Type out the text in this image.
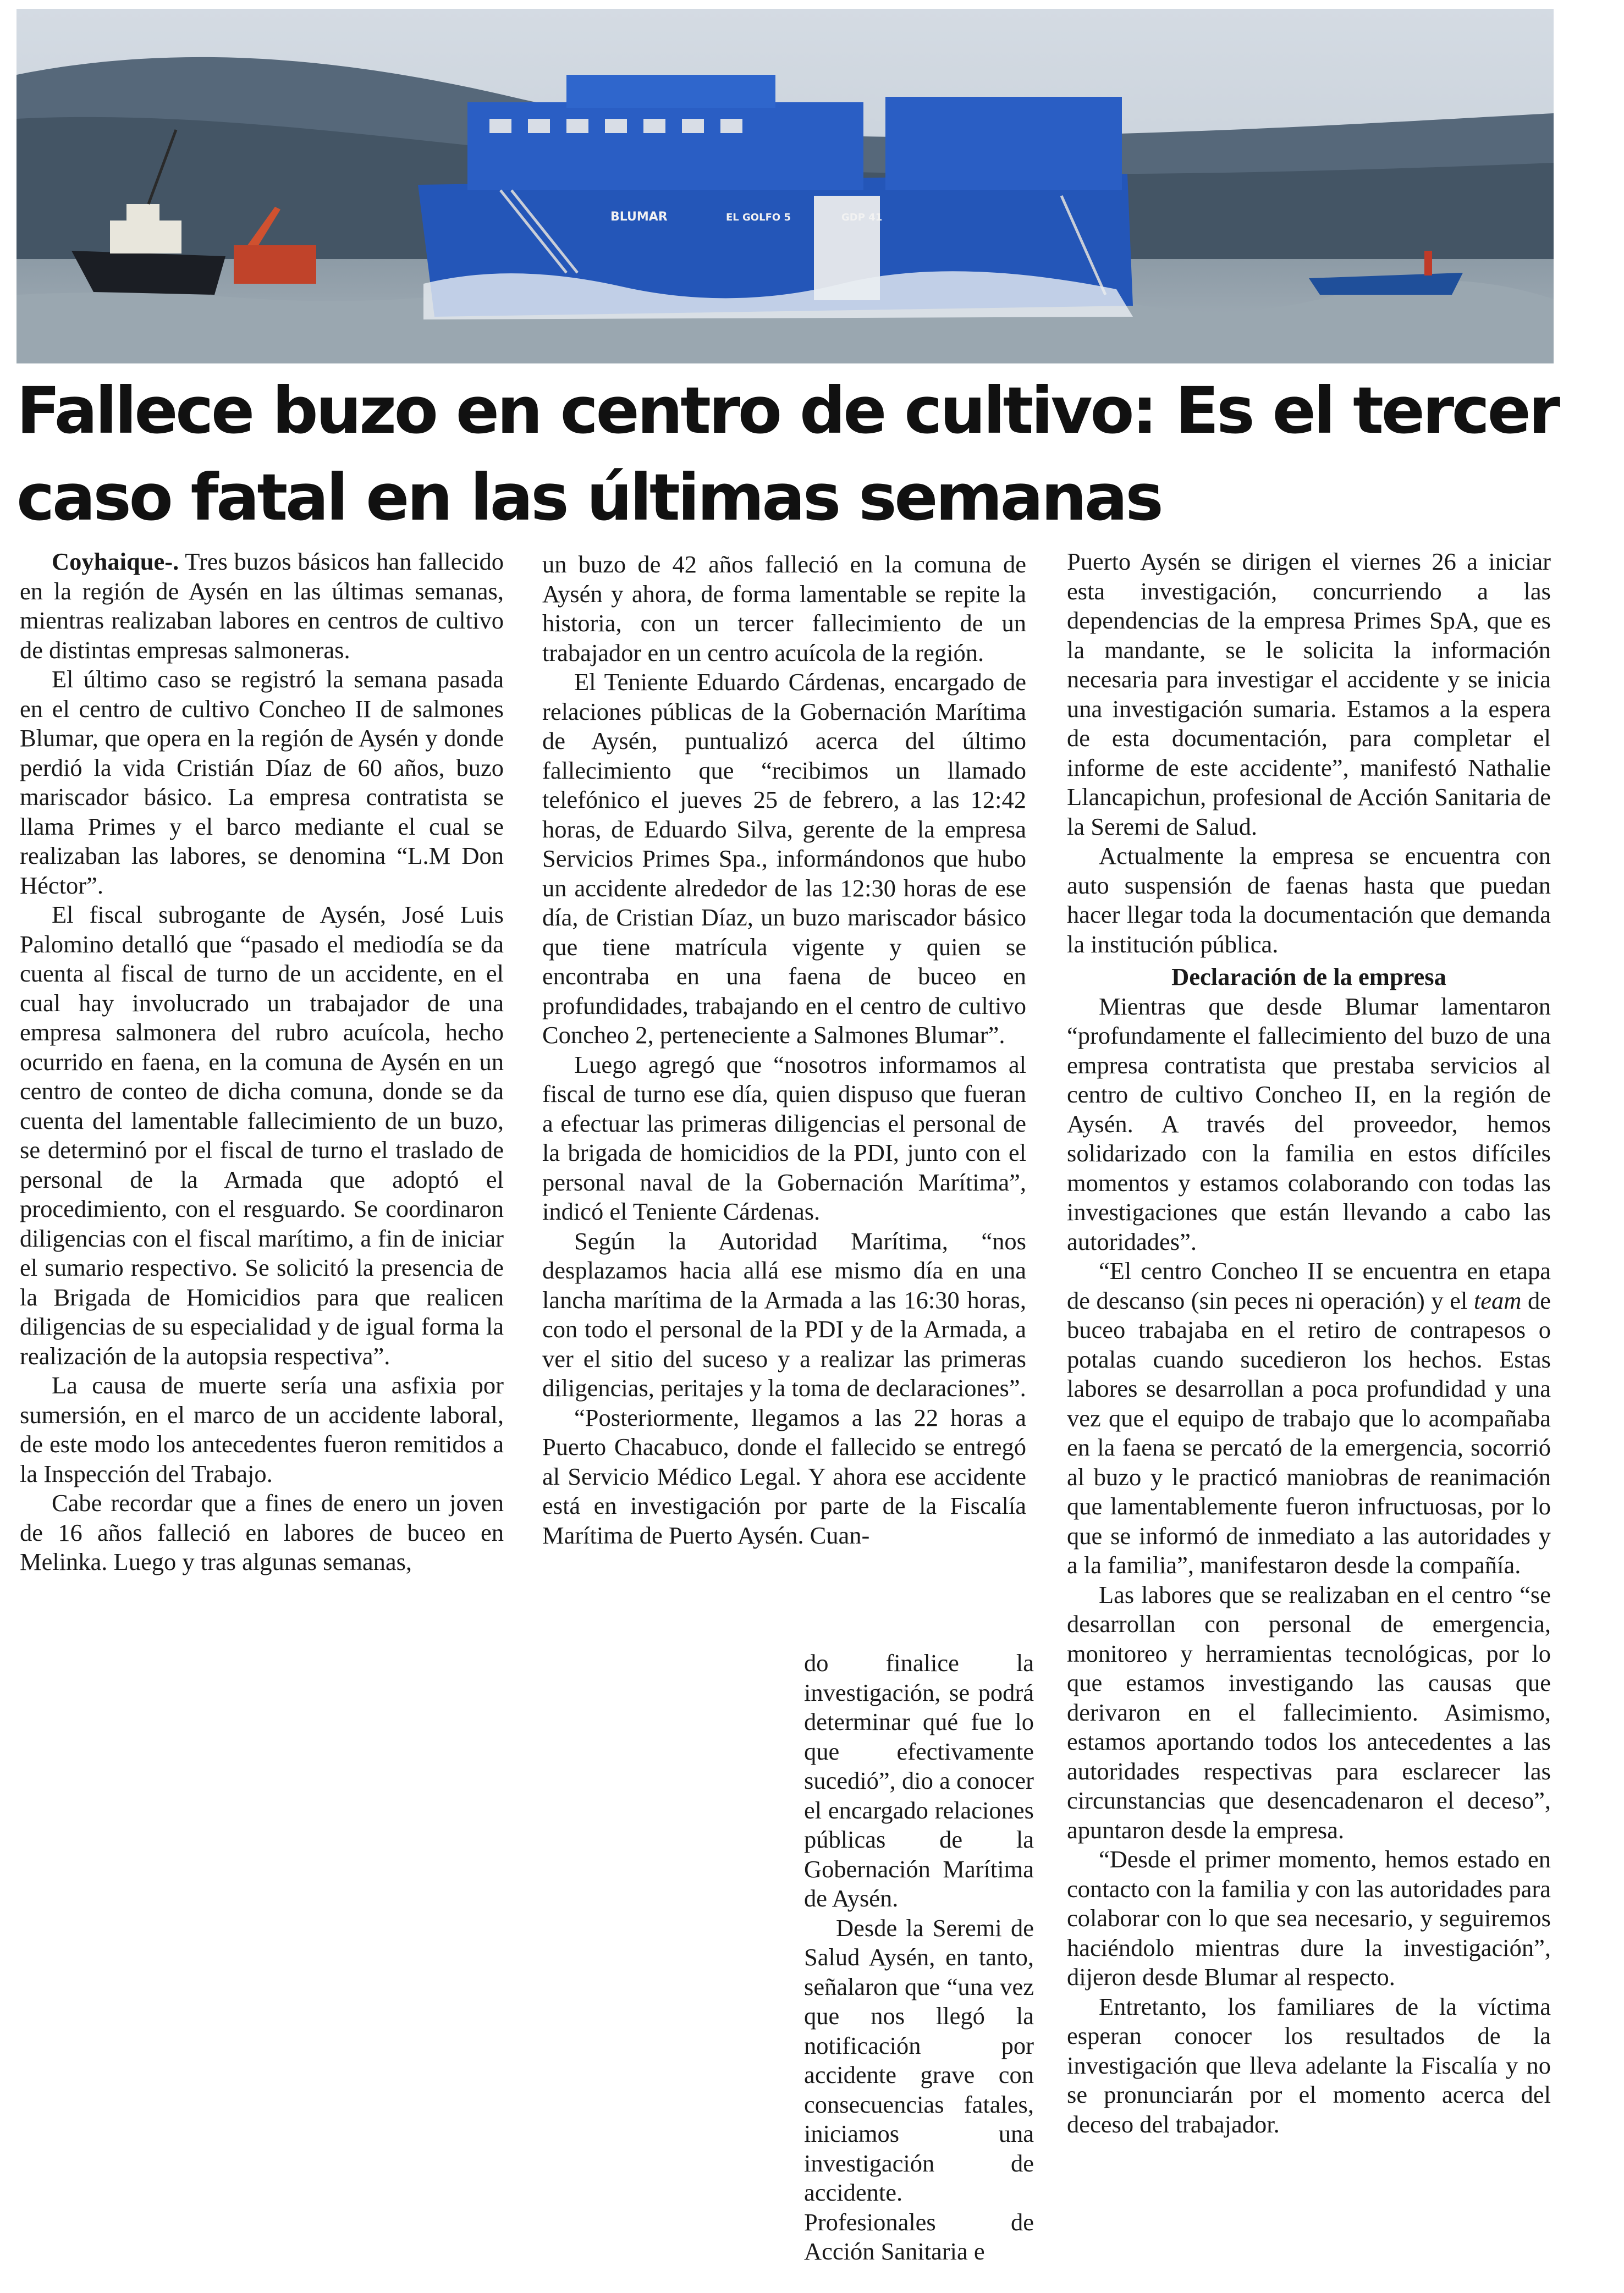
BLUMAR	EL GOLFO 5	GDP 41
Fallece buzo en centro de cultivo: Es el tercer
caso fatal en las últimas semanas

Coyhaique-. Tres buzos básicos han fallecido en la región de Aysén en las últimas semanas, mientras realizaban labores en centros de cultivo de distintas empresas salmoneras.

El último caso se registró la semana pasada en el centro de cultivo Concheo II de salmones Blumar, que opera en la región de Aysén y donde perdió la vida Cristián Díaz de 60 años, buzo mariscador básico. La empresa contratista se llama Primes y el barco mediante el cual se realizaban las labores, se denomina “L.M Don Héctor”.

El fiscal subrogante de Aysén, José Luis Palomino detalló que “pasado el mediodía se da cuenta al fiscal de turno de un accidente, en el cual hay involucrado un trabajador de una empresa salmonera del rubro acuícola, hecho ocurrido en faena, en la comuna de Aysén en un centro de conteo de dicha comuna, donde se da cuenta del lamentable fallecimiento de un buzo, se determinó por el fiscal de turno el traslado de personal de la Armada que adoptó el procedimiento, con el resguardo. Se coordinaron diligencias con el fiscal marítimo, a fin de iniciar el sumario respectivo. Se solicitó la presencia de la Brigada de Homicidios para que realicen diligencias de su especialidad y de igual forma la realización de la autopsia respectiva”.

La causa de muerte sería una asfixia por sumersión, en el marco de un accidente laboral, de este modo los antecedentes fueron remitidos a la Inspección del Trabajo.

Cabe recordar que a fines de enero un joven de 16 años falleció en labores de buceo en Melinka. Luego y tras algunas semanas,

un buzo de 42 años falleció en la comuna de Aysén y ahora, de forma lamentable se repite la historia, con un tercer fallecimiento de un trabajador en un centro acuícola de la región.

El Teniente Eduardo Cárdenas, encargado de relaciones públicas de la Gobernación Marítima de Aysén, puntualizó acerca del último fallecimiento que “recibimos un llamado telefónico el jueves 25 de febrero, a las 12:42 horas, de Eduardo Silva, gerente de la empresa Servicios Primes Spa., informándonos que hubo un accidente alrededor de las 12:30 horas de ese día, de Cristian Díaz, un buzo mariscador básico que tiene matrícula vigente y quien se encontraba en una faena de buceo en profundidades, trabajando en el centro de cultivo Concheo 2, perteneciente a Salmones Blumar”.

Luego agregó que “nosotros informamos al fiscal de turno ese día, quien dispuso que fueran a efectuar las primeras diligencias el personal de la brigada de homicidios de la PDI, junto con el personal naval de la Gobernación Marítima”, indicó el Teniente Cárdenas.

Según la Autoridad Marítima, “nos desplazamos hacia allá ese mismo día en una lancha marítima de la Armada a las 16:30 horas, con todo el personal de la PDI y de la Armada, a ver el sitio del suceso y a realizar las primeras diligencias, peritajes y la toma de declaraciones”.

“Posteriormente, llegamos a las 22 horas a Puerto Chacabuco, donde el fallecido se entregó al Servicio Médico Legal. Y ahora ese accidente está en investigación por parte de la Fiscalía Marítima de Puerto Aysén. Cuan-

do finalice la investigación, se podrá determinar qué fue lo que efectivamente sucedió”, dio a conocer el encargado relaciones públicas de la Gobernación Marítima de Aysén.

Desde la Seremi de Salud Aysén, en tanto, señalaron que “una vez que nos llegó la notificación por accidente grave con consecuencias fatales, iniciamos una investigación de accidente. Profesionales de Acción Sanitaria e

Puerto Aysén se dirigen el viernes 26 a iniciar esta investigación, concurriendo a las dependencias de la empresa Primes SpA, que es la mandante, se le solicita la información necesaria para investigar el accidente y se inicia una investigación sumaria. Estamos a la espera de esta documentación, para completar el informe de este accidente”, manifestó Nathalie Llancapichun, profesional de Acción Sanitaria de la Seremi de Salud.

Actualmente la empresa se encuentra con auto suspensión de faenas hasta que puedan hacer llegar toda la documentación que demanda la institución pública.

Declaración de la empresa

Mientras que desde Blumar lamentaron “profundamente el fallecimiento del buzo de una empresa contratista que prestaba servicios al centro de cultivo Concheo II, en la región de Aysén. A través del proveedor, hemos solidarizado con la familia en estos difíciles momentos y estamos colaborando con todas las investigaciones que están llevando a cabo las autoridades”.

“El centro Concheo II se encuentra en etapa de descanso (sin peces ni operación) y el team de buceo trabajaba en el retiro de contrapesos o potalas cuando sucedieron los hechos. Estas labores se desarrollan a poca profundidad y una vez que el equipo de trabajo que lo acompañaba en la faena se percató de la emergencia, socorrió al buzo y le practicó maniobras de reanimación que lamentablemente fueron infructuosas, por lo que se informó de inmediato a las autoridades y a la familia”, manifestaron desde la compañía.

Las labores que se realizaban en el centro “se desarrollan con personal de emergencia, monitoreo y herramientas tecnológicas, por lo que estamos investigando las causas que derivaron en el fallecimiento. Asimismo, estamos aportando todos los antecedentes a las autoridades respectivas para esclarecer las circunstancias que desencadenaron el deceso”, apuntaron desde la empresa.

“Desde el primer momento, hemos estado en contacto con la familia y con las autoridades para colaborar con lo que sea necesario, y seguiremos haciéndolo mientras dure la investigación”, dijeron desde Blumar al respecto.

Entretanto, los familiares de la víctima esperan conocer los resultados de la investigación que lleva adelante la Fiscalía y no se pronunciarán por el momento acerca del deceso del trabajador.
